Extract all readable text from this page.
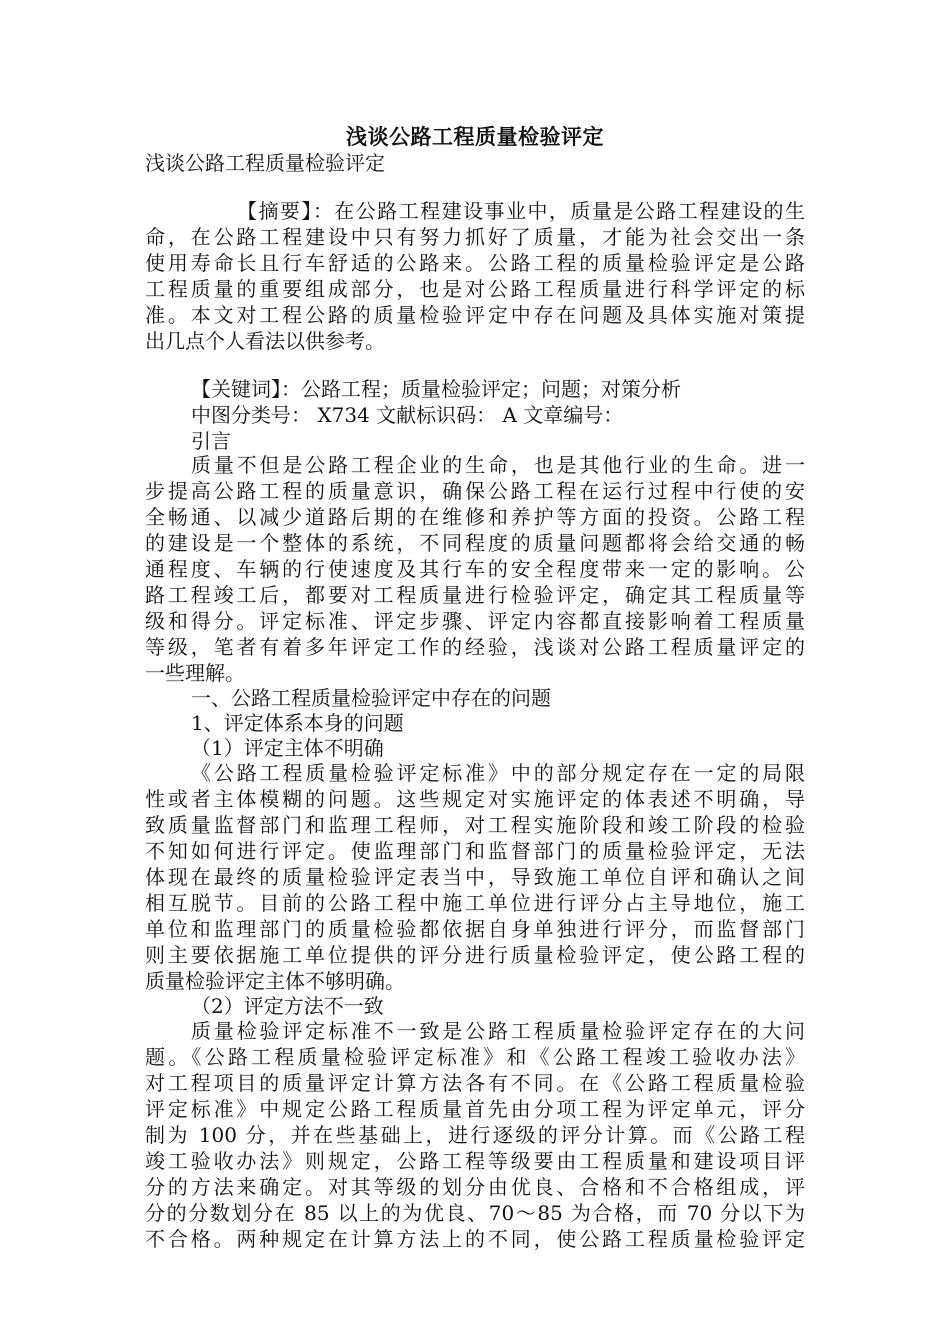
浅谈公路工程质量检验评定
浅谈公路工程质量检验评定
【摘要】：在公路工程建设事业中，质量是公路工程建设的生
命，在公路工程建设中只有努力抓好了质量，才能为社会交出一条
使用寿命长且行车舒适的公路来。公路工程的质量检验评定是公路
工程质量的重要组成部分，也是对公路工程质量进行科学评定的标
准。本文对工程公路的质量检验评定中存在问题及具体实施对策提
出几点个人看法以供参考。
【关键词】：公路工程；质量检验评定；问题；对策分析
中图分类号： X734 文献标识码： A 文章编号：
引言
质量不但是公路工程企业的生命，也是其他行业的生命。进一
步提高公路工程的质量意识，确保公路工程在运行过程中行使的安
全畅通、以减少道路后期的在维修和养护等方面的投资。公路工程
的建设是一个整体的系统，不同程度的质量问题都将会给交通的畅
通程度、车辆的行使速度及其行车的安全程度带来一定的影响。公
路工程竣工后，都要对工程质量进行检验评定，确定其工程质量等
级和得分。评定标准、评定步骤、评定内容都直接影响着工程质量
等级，笔者有着多年评定工作的经验，浅谈对公路工程质量评定的
一些理解。
一、公路工程质量检验评定中存在的问题
1、评定体系本身的问题
（1）评定主体不明确
《公路工程质量检验评定标准》中的部分规定存在一定的局限
性或者主体模糊的问题。这些规定对实施评定的体表述不明确，导
致质量监督部门和监理工程师，对工程实施阶段和竣工阶段的检验
不知如何进行评定。使监理部门和监督部门的质量检验评定，无法
体现在最终的质量检验评定表当中，导致施工单位自评和确认之间
相互脱节。目前的公路工程中施工单位进行评分占主导地位，施工
单位和监理部门的质量检验都依据自身单独进行评分，而监督部门
则主要依据施工单位提供的评分进行质量检验评定，使公路工程的
质量检验评定主体不够明确。
（2）评定方法不一致
质量检验评定标准不一致是公路工程质量检验评定存在的大问
题。《公路工程质量检验评定标准》和《公路工程竣工验收办法》
对工程项目的质量评定计算方法各有不同。在《公路工程质量检验
评定标准》中规定公路工程质量首先由分项工程为评定单元，评分
制为 100 分，并在些基础上，进行逐级的评分计算。而《公路工程
竣工验收办法》则规定，公路工程等级要由工程质量和建设项目评
分的方法来确定。对其等级的划分由优良、合格和不合格组成，评
分的分数划分在 85 以上的为优良、70～85 为合格，而 70 分以下为
不合格。两种规定在计算方法上的不同，使公路工程质量检验评定
